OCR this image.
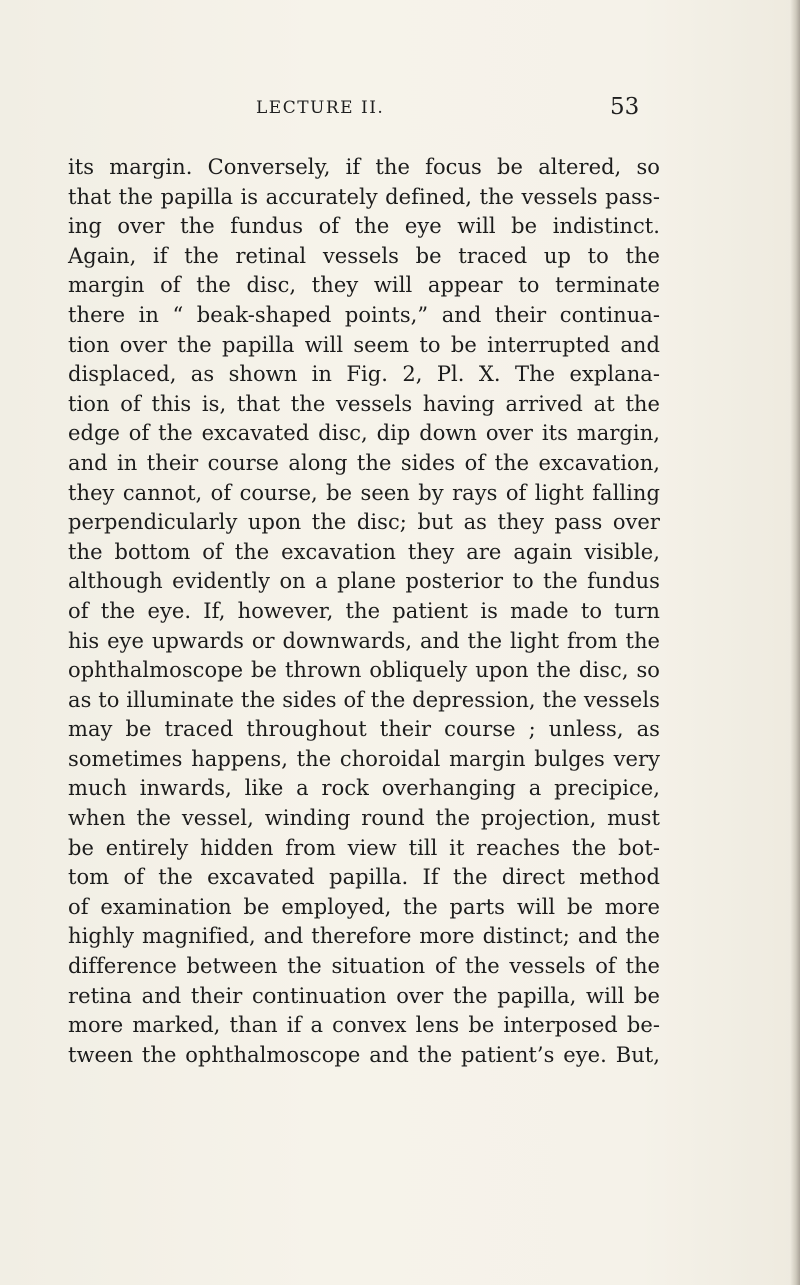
LECTURE II.	53
its margin. Conversely, if the focus be altered, so
that the papilla is accurately defined, the vessels pass-
ing over the fundus of the eye will be indistinct.
Again, if the retinal vessels be traced up to the
margin of the disc, they will appear to terminate
there in “ beak-shaped points,” and their continua-
tion over the papilla will seem to be interrupted and
displaced, as shown in Fig. 2, Pl. X. The explana-
tion of this is, that the vessels having arrived at the
edge of the excavated disc, dip down over its margin,
and in their course along the sides of the excavation,
they cannot, of course, be seen by rays of light falling
perpendicularly upon the disc; but as they pass over
the bottom of the excavation they are again visible,
although evidently on a plane posterior to the fundus
of the eye. If, however, the patient is made to turn
his eye upwards or downwards, and the light from the
ophthalmoscope be thrown obliquely upon the disc, so
as to illuminate the sides of the depression, the vessels
may be traced throughout their course ; unless, as
sometimes happens, the choroidal margin bulges very
much inwards, like a rock overhanging a precipice,
when the vessel, winding round the projection, must
be entirely hidden from view till it reaches the bot-
tom of the excavated papilla. If the direct method
of examination be employed, the parts will be more
highly magnified, and therefore more distinct; and the
difference between the situation of the vessels of the
retina and their continuation over the papilla, will be
more marked, than if a convex lens be interposed be-
tween the ophthalmoscope and the patient’s eye. But,
